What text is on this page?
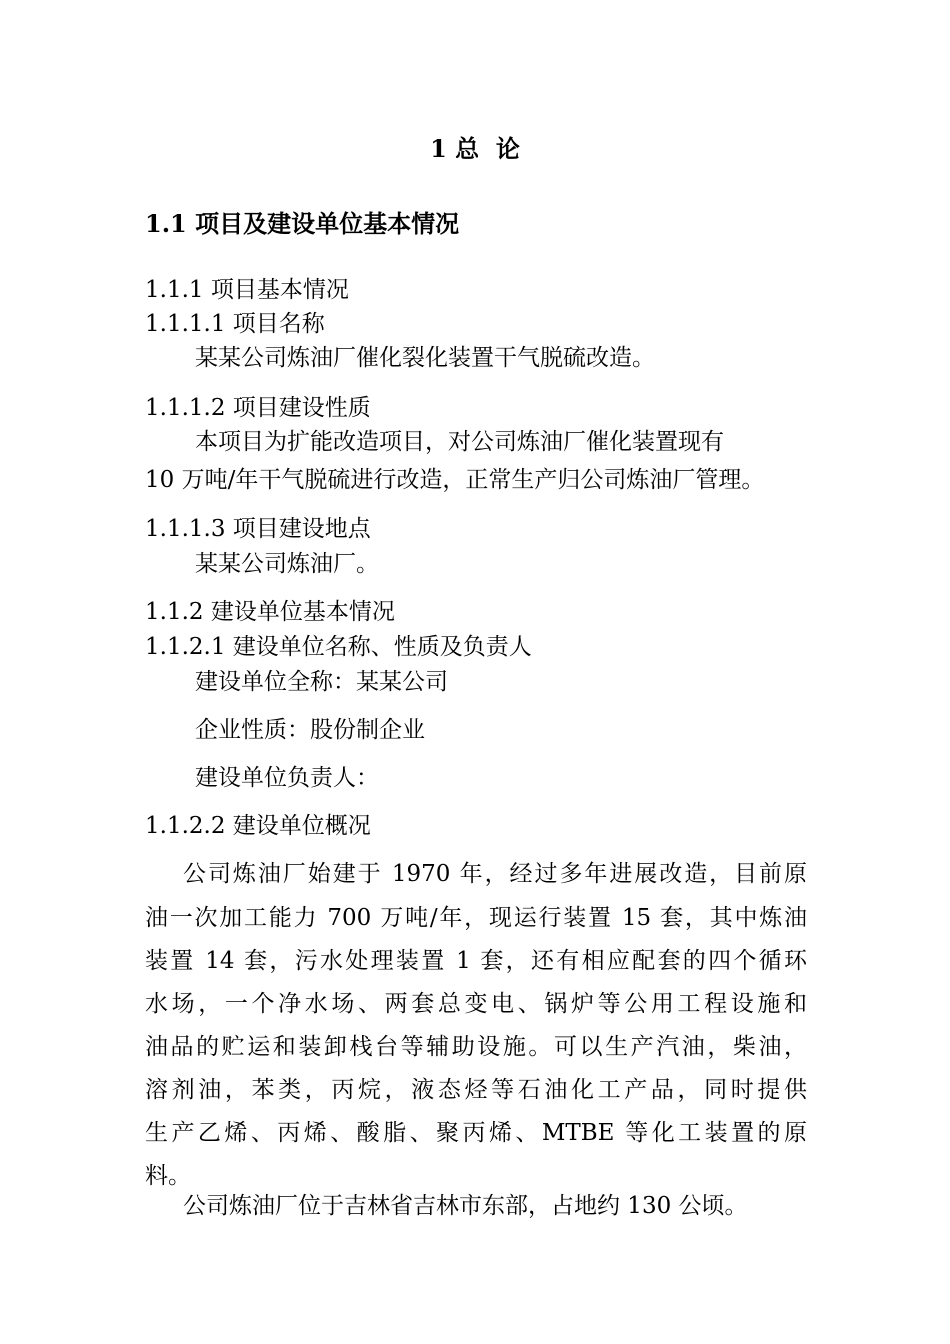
1 总  论
1.1 项目及建设单位基本情况
1.1.1 项目基本情况
1.1.1.1 项目名称
某某公司炼油厂催化裂化装置干气脱硫改造。
1.1.1.2 项目建设性质
本项目为扩能改造项目，对公司炼油厂催化装置现有
10 万吨/年干气脱硫进行改造，正常生产归公司炼油厂管理。
1.1.1.3 项目建设地点
某某公司炼油厂。
1.1.2 建设单位基本情况
1.1.2.1 建设单位名称、性质及负责人
建设单位全称：某某公司
企业性质：股份制企业
建设单位负责人：
1.1.2.2 建设单位概况
公司炼油厂始建于 1970 年，经过多年进展改造，目前原
油一次加工能力 700 万吨/年，现运行装置 15 套，其中炼油
装置 14 套，污水处理装置 1 套，还有相应配套的四个循环
水场，一个净水场、两套总变电、锅炉等公用工程设施和
油品的贮运和装卸栈台等辅助设施。可以生产汽油，柴油，
溶剂油，苯类，丙烷，液态烃等石油化工产品，同时提供
生产乙烯、丙烯、酸脂、聚丙烯、MTBE 等化工装置的原
料。
公司炼油厂位于吉林省吉林市东部，占地约 130 公顷。
